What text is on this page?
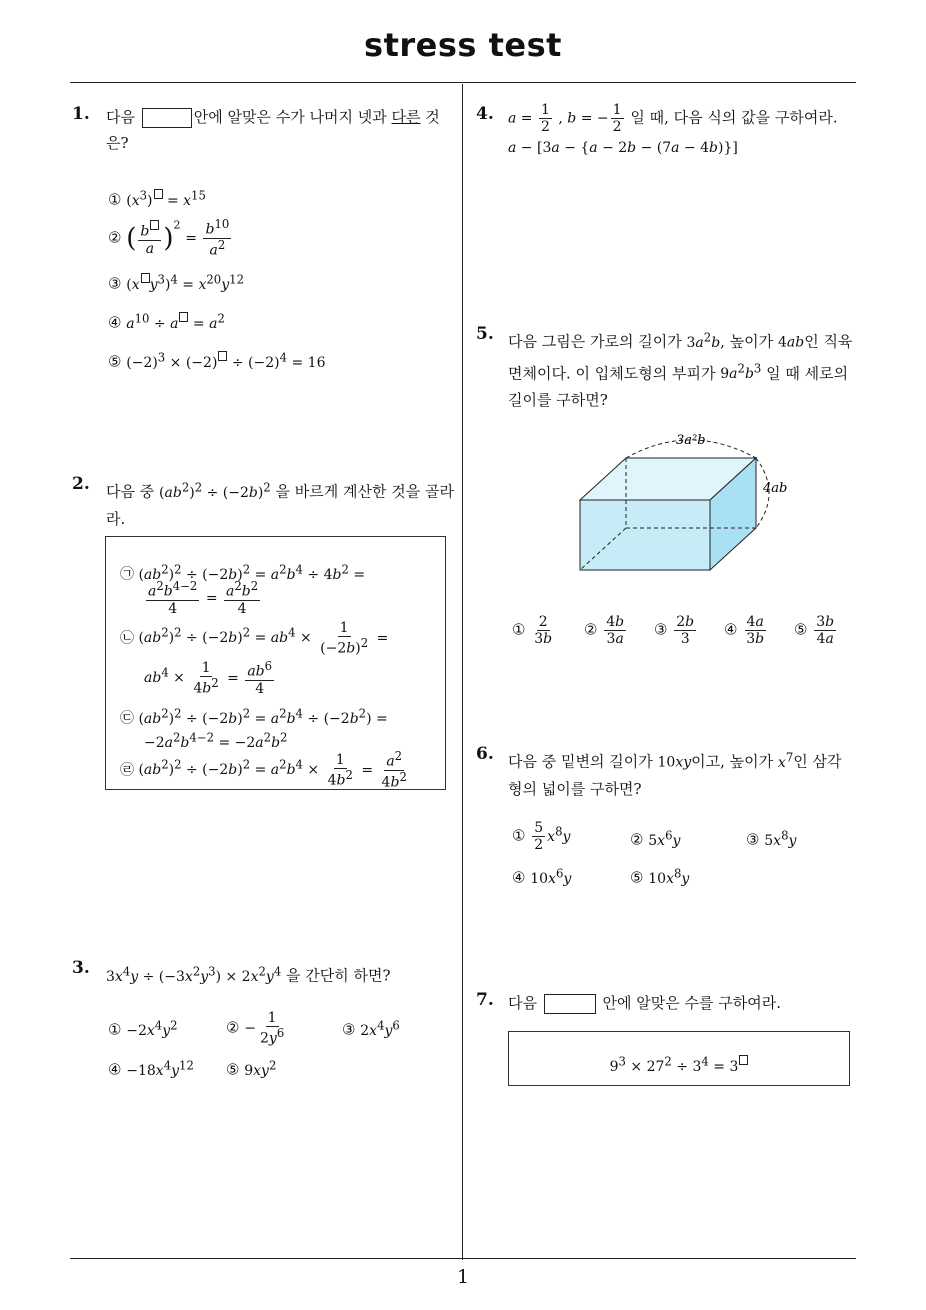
stress test
1
1. 다음	안에 알맞은 수가 나머지 넷과 다른 것
은?
① $(x^3) = x^{15}$
② ( $\frac{b}{a} )^2 = \frac{b^{10}}{a^2}$
③ (x $y^3)^4 = x^{20}y^{12}$
④ $a^{10} \div a = a^2$
⑤ $(-2)^3 \times (-2) \div (-2)^4 = 16$
2. 다음 중 $(ab^2)^2 \div (-2b)^2$ 을 바르게 계산한 것을 골라
라.
㉠ $(ab^2)^2 \div (-2b)^2 = a^2b^4 \div 4b^2$ =
$\frac{a^2b^{4-2}}{4} = \frac{a^2b^2}{4}$
㉡ $(ab^2)^2 \div (-2b)^2 = ab^4 \times \frac{1}{(-2b)^2}$ =
$ab^4 \times \frac{1}{4b^2} = \frac{ab^6}{4}$
㉢ $(ab^2)^2 \div (-2b)^2 = a^2b^4 \div (-2b^2)$ =
$-2a^2b^{4-2} = -2a^2b^2$
㉣ $(ab^2)^2 \div (-2b)^2 = a^2b^4 \times \frac{1}{4b^2} = \frac{a^2}{4b^2}$
3. $3x^4y \div (-3x^2y^3) \times 2x^2y^4$ 을 간단히 하면?
① $-2x^4y^2$	② − $\frac{1}{2y^6}$	③ $2x^4y^6$
④ $-18x^4y^{12}$ ⑤ $9xy^2$
4. $a = \frac{1}{2}$ , b = − $\frac{1}{2}$ 일 때, 다음 식의 값을 구하여라.
a − [3a − {a − 2b − (7a − 4b)}]
5. 다음 그림은 가로의 길이가 $3a^2b$, 높이가 4ab인 직육
면체이다. 이 입체도형의 부피가 $9a^2b^3$ 일 때 세로의
길이를 구하면?
3a²b
4ab
① $\frac{2}{3b}$ ② $\frac{4b}{3a}$ ③ $\frac{2b}{3}$ ④ $\frac{4a}{3b}$ ⑤ $\frac{3b}{4a}$
6. 다음 중 밑변의 길이가 10xy이고, 높이가 $x^7$인 삼각
형의 넓이를 구하면?
① $\frac{5}{2} x^8y$	② $5x^6y$	③ $5x^8y$
④ $10x^6y$	⑤ $10x^8y$
7. 다음	안에 알맞은 수를 구하여라.
$9^3 \times 27^2 \div 3^4 = 3$
